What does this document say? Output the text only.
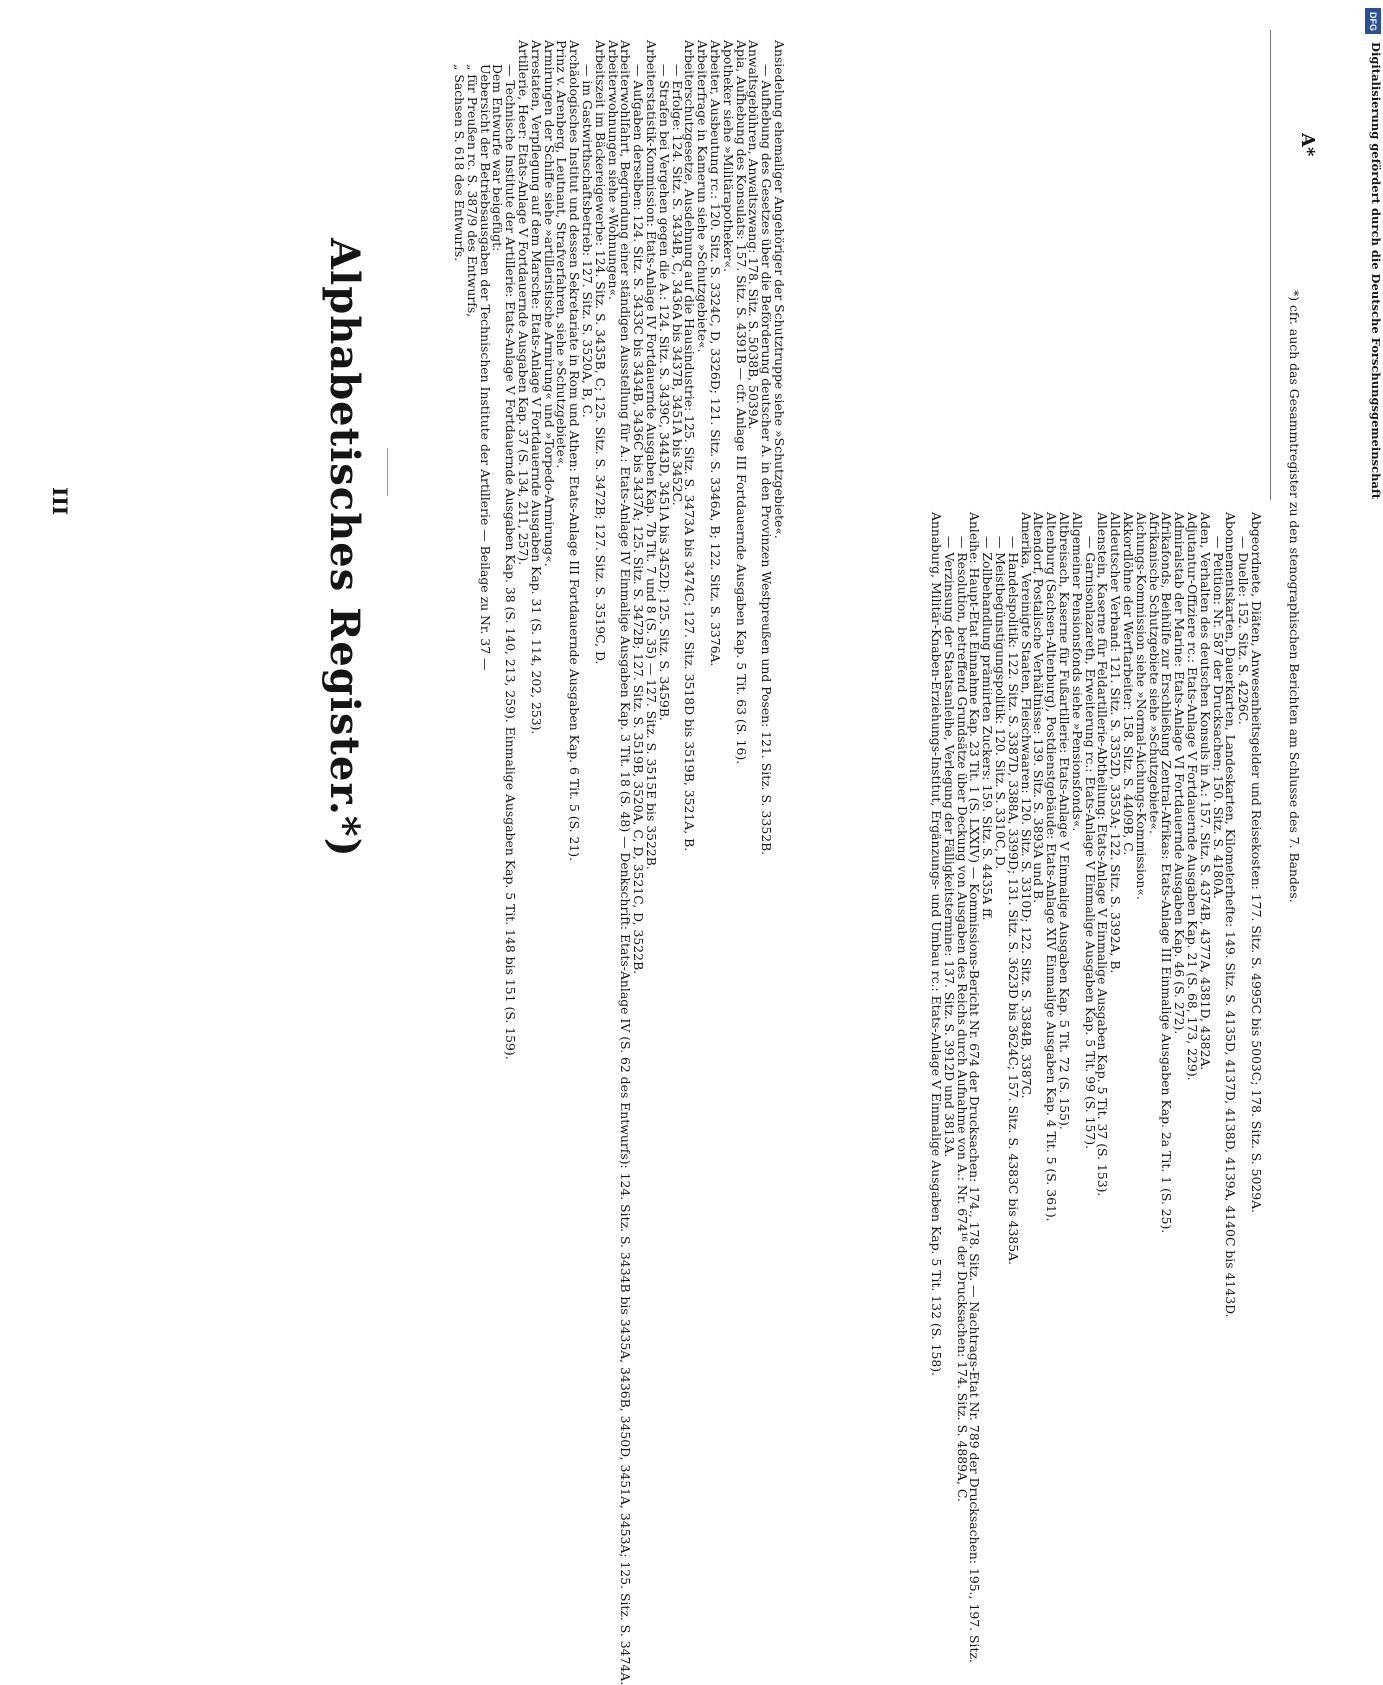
III	Alphabetisches Register.*)	Abgeordnete, Diäten, Anwesenheitsgelder und Reisekosten: 177. Sitz. S. 4995C bis 5003C; 178. Sitz. S. 5029A.

— Duelle: 152. Sitz. S. 4226C.

Abonnementskarten, Dauerkarten, Landeskarten, Kilometerhefte: 149. Sitz. S. 4135D, 4137D, 4138D, 4139A, 4140C bis 4143D.

— Petition: Nr. 587 der Drucksachen; 150. Sitz. S. 4180A.

Aden, Verhalten des deutschen Konsuls in A.: 157. Sitz. S. 4374B, 4377A, 4381D, 4382A.

Adjutantur-Offiziere rc.: Etats-Anlage V Fortdauernde Ausgaben Kap. 21 (S. 68, 173, 229).

Admiralstab der Marine: Etats-Anlage VI Fortdauernde Ausgaben Kap. 46 (S. 272).

Afrikafonds, Beihülfe zur Erschließung Zentral-Afrikas: Etats-Anlage III Einmalige Ausgaben Kap. 2a Tit. 1 (S. 25).

Afrikanische Schutzgebiete siehe »Schutzgebiete«.

Aichungs-Kommission siehe »Normal-Aichungs-Kommission«.

Akkordlöhne der Werftarbeiter: 158. Sitz. S. 4409B, C.

Alldeutscher Verband: 121. Sitz. S. 3352D, 3353A; 122. Sitz. S. 3392A, B.

Allenstein, Kaserne für Feldartillerie-Abtheilung: Etats-Anlage V Einmalige Ausgaben Kap. 5 Tit. 37 (S. 153).

— Garnisonlazareth, Erweiterung rc.: Etats-Anlage V Einmalige Ausgaben Kap. 5 Tit. 99 (S. 157).

Allgemeiner Pensionsfonds siehe »Pensionsfonds«.

Altbreisach, Kaserne für Fußartillerie: Etats-Anlage V Einmalige Ausgaben Kap. 5 Tit. 72 (S. 155).

Altenburg (Sachsen-Altenburg), Postdienstgebäude: Etats-Anlage XIV Einmalige Ausgaben Kap. 4 Tit. 5 (S. 361).

Altendorf, Postalische Verhältnisse: 139. Sitz. S. 3893A und B.

Amerika, Vereinigte Staaten, Fleischwaaren: 120. Sitz. S. 3310D; 122. Sitz. S. 3384B, 3387C.

— Handelspolitik: 122. Sitz. S. 3387D, 3388A, 3399D; 131. Sitz. S. 3623D bis 3624C; 157. Sitz. S. 4383C bis 4385A.

— Meistbegünstigungspolitik: 120. Sitz. S. 3310C, D.

— Zollbehandlung prämiirten Zuckers: 159. Sitz. S. 4435A ff.

Anleihe: Haupt-Etat Einnahme Kap. 23 Tit. 1 (S. LXXIV) — Kommissions-Bericht Nr. 674 der Drucksachen: 174., 178. Sitz. — Nachtrags-Etat Nr. 789 der Drucksachen: 195., 197. Sitz.

— Resolution, betreffend Grundsätze über Deckung von Ausgaben des Reichs durch Aufnahme von A.: Nr. 674¹⁶ der Drucksachen: 174. Sitz. S. 4889A, C.

— Verzinsung der Staatsanleihe, Verlegung der Fälligkeitstermine: 137. Sitz. S. 3912D und 3813A.

Annaburg, Militär-Knaben-Erziehungs-Institut, Ergänzungs- und Umbau rc.: Etats-Anlage V Einmalige Ausgaben Kap. 5 Tit. 132 (S. 158).

Ansiedelung ehemaliger Angehöriger der Schutztruppe siehe »Schutzgebiete«.

— Aufhebung des Gesetzes über die Beförderung deutscher A. in den Provinzen Westpreußen und Posen: 121. Sitz. S. 3352B.

Anwaltsgebühren, Anwaltszwang: 178. Sitz. S. 5038B, 5039A.

Apia, Aufhebung des Konsulats: 157. Sitz. S. 4391B — cfr. Anlage III Fortdauernde Ausgaben Kap. 5 Tit. 63 (S. 16).

Apotheker siehe »Militärapotheker«.

Arbeiter, Ausbeutung rc.: 120. Sitz. S. 3324C, D, 3326D; 121. Sitz. S. 3346A, B; 122. Sitz. S. 3376A.

Arbeiterfrage in Kamerun siehe »Schutzgebiete«.

Arbeiterschutzgesetze, Ausdehnung auf die Hausindustrie: 125. Sitz. S. 3473A bis 3474C; 127. Sitz. 3518D bis 3519B, 3521A, B.

— Erfolge: 124. Sitz. S. 3434B, C, 3436A bis 3437B, 3451A bis 3452C.

— Strafen bei Vergehen gegen die A.: 124. Sitz. S. 3439C, 3443D, 3451A bis 3452D; 125. Sitz. S. 3459B.

Arbeiterstatistik-Kommission: Etats-Anlage IV Fortdauernde Ausgaben Kap. 7b Tit. 7 und 8 (S. 35) — 127. Sitz. S. 3515E bis 3522B.

— Aufgaben derselben: 124. Sitz. S. 3433C bis 3434B, 3436C bis 3437A; 125. Sitz. S. 3472B; 127. Sitz. S. 3519B, 3520A, C, D, 3521C, D, 3522B.

Arbeiterwohlfahrt, Begründung einer ständigen Ausstellung für A.: Etats-Anlage IV Einmalige Ausgaben Kap. 3 Tit. 18 (S. 48) — Denkschrift: Etats-Anlage IV (S. 62 des Entwurfs): 124. Sitz. S. 3434B bis 3435A, 3436B, 3450D, 3451A, 3453A; 125. Sitz. S. 3474A.

Arbeiterwohnungen siehe »Wohnungen«.

Arbeitszeit im Bäckereigewerbe: 124. Sitz. S. 3435B, C; 125. Sitz. S. 3472B; 127. Sitz. S. 3519C, D.

— im Gastwirthschaftsbetrieb: 127. Sitz. S. 3520A, B, C.

Archäologisches Institut und dessen Sekretariate in Rom und Athen: Etats-Anlage III Fortdauernde Ausgaben Kap. 6 Tit. 5 (S. 21).

Prinz v. Arenberg, Leutnant, Strafverfahren, siehe »Schutzgebiete«.

Armirungen der Schiffe siehe »artilleristische Armirung« und »Torpedo-Armirung«.

Arrestaten, Verpflegung auf dem Marsche: Etats-Anlage V Fortdauernde Ausgaben Kap. 31 (S. 114, 202, 253).

Artillerie, Heer: Etats-Anlage V Fortdauernde Ausgaben Kap. 37 (S. 134, 211, 257).

— Technische Institute der Artillerie: Etats-Anlage V Fortdauernde Ausgaben Kap. 38 (S. 140, 213, 259). Einmalige Ausgaben Kap. 5 Tit. 148 bis 151 (S. 159).

Dem Entwurfe war beigefügt:

Uebersicht der Betriebsausgaben der Technischen Institute der Artillerie — Beilage zu Nr. 37 —

„ für Preußen rc. S. 387/9 des Entwurfs,

„ Sachsen S. 618 des Entwurfs.	A*
*) cfr. auch das Gesammtregister zu den stenographischen Berichten am Schlusse des 7. Bandes.
Digitalisierung gefördert durch die Deutsche Forschungsgemeinschaft
DFG
